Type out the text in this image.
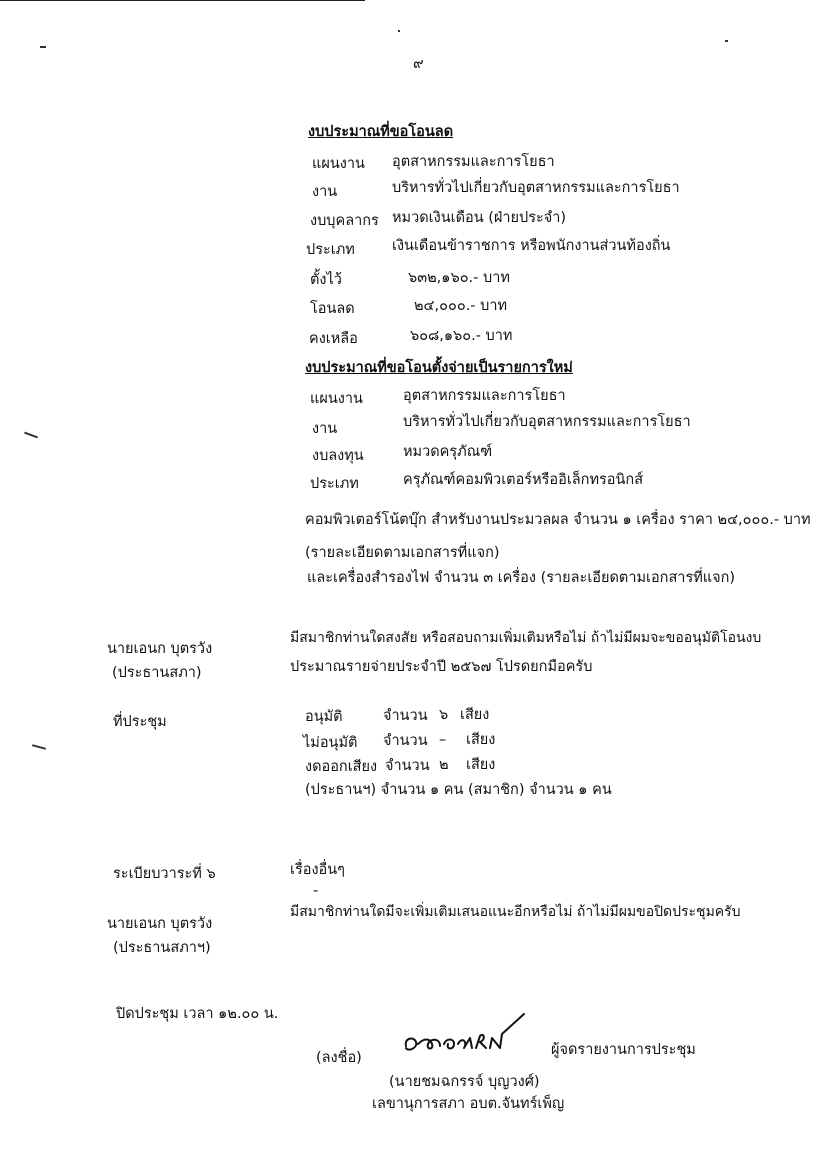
๙
งบประมาณที่ขอโอนลด
แผนงาน อุตสาหกรรมและการโยธา
งาน	บริหารทั่วไปเกี่ยวกับอุตสาหกรรมและการโยธา
งบบุคลากร หมวดเงินเดือน (ฝ่ายประจำ)
ประเภท	เงินเดือนข้าราชการ หรือพนักงานส่วนท้องถิ่น
ตั้งไว้	๖๓๒,๑๖๐.- บาท
โอนลด	๒๔,๐๐๐.- บาท
คงเหลือ	๖๐๘,๑๖๐.- บาท
งบประมาณที่ขอโอนตั้งจ่ายเป็นรายการใหม่
แผนงาน	อุตสาหกรรมและการโยธา
งาน	บริหารทั่วไปเกี่ยวกับอุตสาหกรรมและการโยธา
งบลงทุน	หมวดครุภัณฑ์
ประเภท	ครุภัณฑ์คอมพิวเตอร์หรืออิเล็กทรอนิกส์
คอมพิวเตอร์โน้ตบุ๊ก สำหรับงานประมวลผล จำนวน ๑ เครื่อง ราคา ๒๔,๐๐๐.- บาท
(รายละเอียดตามเอกสารที่แจก)
และเครื่องสำรองไฟ จำนวน ๓ เครื่อง (รายละเอียดตามเอกสารที่แจก)
นายเอนก บุตรวัง
(ประธานสภา)
มีสมาชิกท่านใดสงสัย หรือสอบถามเพิ่มเติมหรือไม่ ถ้าไม่มีผมจะขออนุมัติโอนงบ
ประมาณรายจ่ายประจำปี ๒๕๖๗ โปรดยกมือครับ
ที่ประชุม	อนุมัติ	จำนวน ๖ เสียง
ไม่อนุมัติ จำนวน – เสียง
งดออกเสียง จำนวน ๒ เสียง
(ประธานฯ) จำนวน ๑ คน (สมาชิก) จำนวน ๑ คน
ระเบียบวาระที่ ๖	เรื่องอื่นๆ
-
นายเอนก บุตรวัง
(ประธานสภาฯ)
มีสมาชิกท่านใดมีจะเพิ่มเติมเสนอแนะอีกหรือไม่ ถ้าไม่มีผมขอปิดประชุมครับ
ปิดประชุม เวลา ๑๒.๐๐ น.
(ลงชื่อ)	ผู้จดรายงานการประชุม
(นายชมฉกรรจ์ บุญวงศ์)
เลขานุการสภา อบต.จันทร์เพ็ญ
